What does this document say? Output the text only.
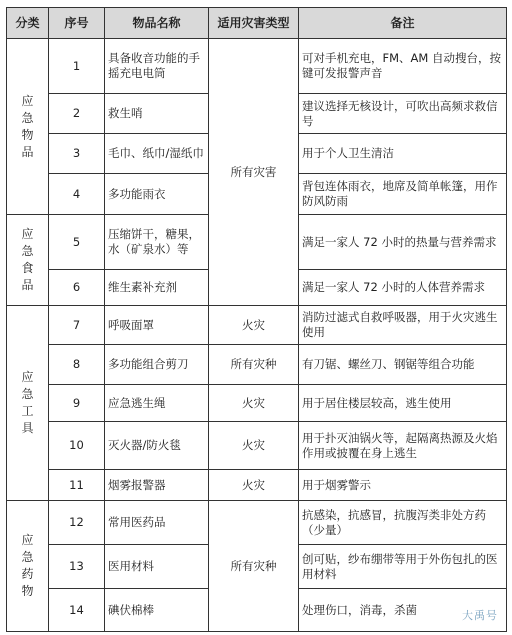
分类	序号	物品名称	适用灾害类型	备注
应急物品	1	具备收音功能的手摇充电电筒	所有灾害	可对手机充电，FM、AM 自动搜台，按键可发报警声音
	2	救生哨		建议选择无核设计，可吹出高频求救信号
	3	毛巾、纸巾/湿纸巾		用于个人卫生清洁
	4	多功能雨衣		背包连体雨衣，地席及简单帐篷，用作防风防雨
应急食品	5	压缩饼干，糖果，水（矿泉水）等		满足一家人 72 小时的热量与营养需求
	6	维生素补充剂		满足一家人 72 小时的人体营养需求
应急工具	7	呼吸面罩	火灾	消防过滤式自救呼吸器，用于火灾逃生使用
	8	多功能组合剪刀	所有灾种	有刀锯、螺丝刀、钢锯等组合功能
	9	应急逃生绳	火灾	用于居住楼层较高，逃生使用
	10	灭火器/防火毯	火灾	用于扑灭油锅火等，起隔离热源及火焰作用或披覆在身上逃生
	11	烟雾报警器	火灾	用于烟雾警示
应急药物	12	常用医药品	所有灾种	抗感染，抗感冒，抗腹泻类非处方药（少量）
	13	医用材料		创可贴，纱布绷带等用于外伤包扎的医用材料
	14	碘伏棉棒		处理伤口，消毒，杀菌	大禹号
